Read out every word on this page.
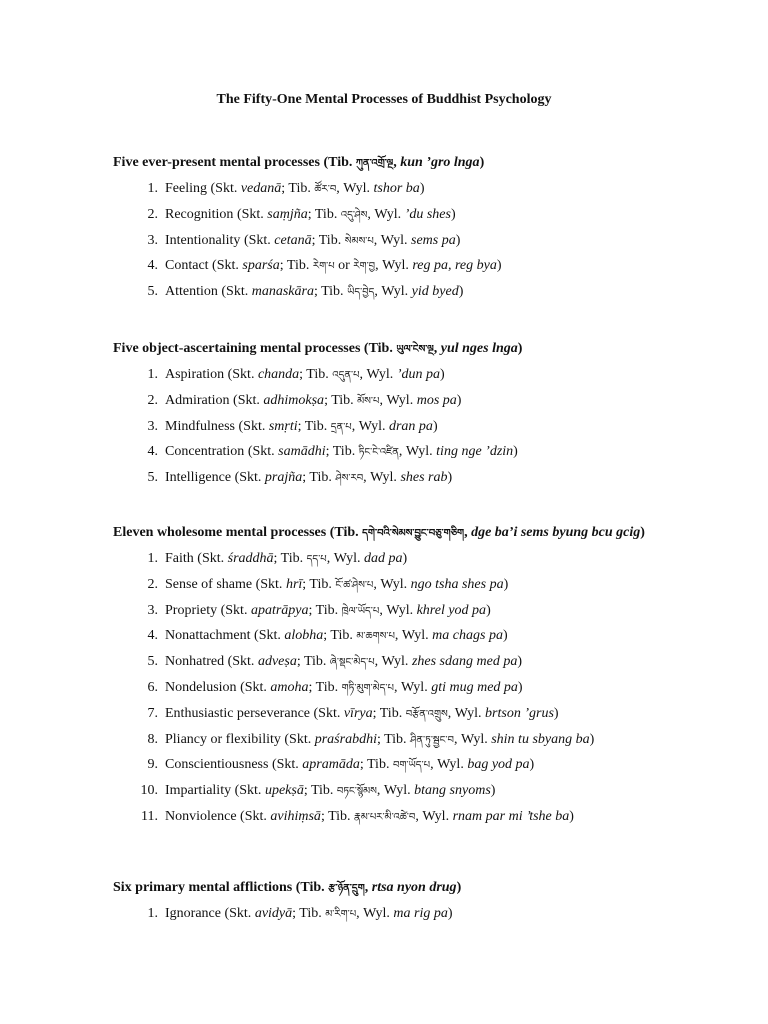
The Fifty-One Mental Processes of Buddhist Psychology
Five ever-present mental processes (Tib. ཀུན་འགྲོ་ལྔ, kun ’gro lnga)
1. Feeling (Skt. vedanā; Tib. ཚོར་བ, Wyl. tshor ba)
2. Recognition (Skt. saṃjña; Tib. འདུ་ཤེས, Wyl. ’du shes)
3. Intentionality (Skt. cetanā; Tib. སེམས་པ, Wyl. sems pa)
4. Contact (Skt. sparśa; Tib. རེག་པ or རེག་བྱ, Wyl. reg pa, reg bya)
5. Attention (Skt. manaskāra; Tib. ཡིད་བྱེད, Wyl. yid byed)
Five object-ascertaining mental processes (Tib. ཡུལ་ངེས་ལྔ, yul nges lnga)
1. Aspiration (Skt. chanda; Tib. འདུན་པ, Wyl. ’dun pa)
2. Admiration (Skt. adhimokṣa; Tib. མོས་པ, Wyl. mos pa)
3. Mindfulness (Skt. smṛti; Tib. དྲན་པ, Wyl. dran pa)
4. Concentration (Skt. samādhi; Tib. ཏིང་ངེ་འཛིན, Wyl. ting nge ’dzin)
5. Intelligence (Skt. prajña; Tib. ཤེས་རབ, Wyl. shes rab)
Eleven wholesome mental processes (Tib. དགེ་བའི་སེམས་བྱུང་བཅུ་གཅིག, dge ba’i sems byung bcu gcig)
1. Faith (Skt. śraddhā; Tib. དད་པ, Wyl. dad pa)
2. Sense of shame (Skt. hrī; Tib. ངོ་ཚ་ཤེས་པ, Wyl. ngo tsha shes pa)
3. Propriety (Skt. apatrāpya; Tib. ཁྲེལ་ཡོད་པ, Wyl. khrel yod pa)
4. Nonattachment (Skt. alobha; Tib. མ་ཆགས་པ, Wyl. ma chags pa)
5. Nonhatred (Skt. adveṣa; Tib. ཞེ་སྡང་མེད་པ, Wyl. zhes sdang med pa)
6. Nondelusion (Skt. amoha; Tib. གཏི་མུག་མེད་པ, Wyl. gti mug med pa)
7. Enthusiastic perseverance (Skt. vīrya; Tib. བརྩོན་འགྲུས, Wyl. brtson ’grus)
8. Pliancy or flexibility (Skt. praśrabdhi; Tib. ཤིན་ཏུ་སྦྱང་བ, Wyl. shin tu sbyang ba)
9. Conscientiousness (Skt. apramāda; Tib. བག་ཡོད་པ, Wyl. bag yod pa)
10. Impartiality (Skt. upekṣā; Tib. བཏང་སྙོམས, Wyl. btang snyoms)
11. Nonviolence (Skt. avihiṃsā; Tib. རྣམ་པར་མི་འཚེ་བ, Wyl. rnam par mi ’tshe ba)
Six primary mental afflictions (Tib. རྩ་ཉོན་དྲུག, rtsa nyon drug)
1. Ignorance (Skt. avidyā; Tib. མ་རིག་པ, Wyl. ma rig pa)
